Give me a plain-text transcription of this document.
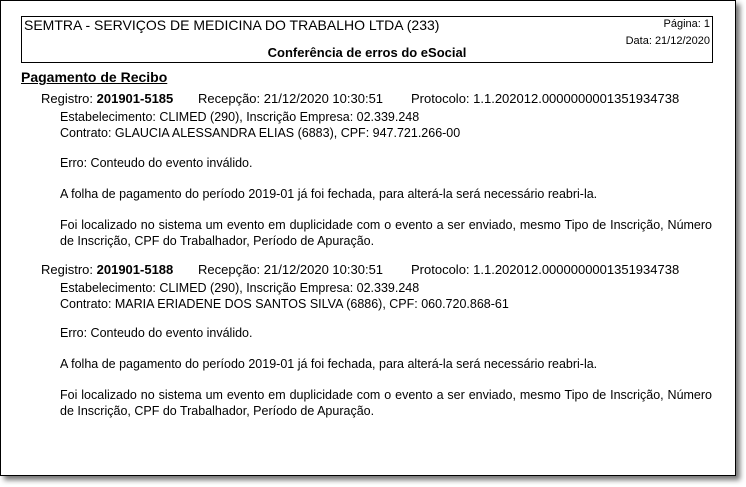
SEMTRA - SERVIÇOS DE MEDICINA DO TRABALHO LTDA (233)	Página: 1
Data: 21/12/2020
Conferência de erros do eSocial
Pagamento de Recibo
Registro: 201901-5185 Recepção: 21/12/2020 10:30:51 Protocolo: 1.1.202012.0000000001351934738
Estabelecimento: CLIMED (290), Inscrição Empresa: 02.339.248
Contrato: GLAUCIA ALESSANDRA ELIAS (6883), CPF: 947.721.266-00
Erro: Conteudo do evento inválido.
A folha de pagamento do período 2019-01 já foi fechada, para alterá-la será necessário reabri-la.
Foi localizado no sistema um evento em duplicidade com o evento a ser enviado, mesmo Tipo de Inscrição, Número de Inscrição, CPF do Trabalhador, Período de Apuração.
Registro: 201901-5188 Recepção: 21/12/2020 10:30:51 Protocolo: 1.1.202012.0000000001351934738
Estabelecimento: CLIMED (290), Inscrição Empresa: 02.339.248
Contrato: MARIA ERIADENE DOS SANTOS SILVA (6886), CPF: 060.720.868-61
Erro: Conteudo do evento inválido.
A folha de pagamento do período 2019-01 já foi fechada, para alterá-la será necessário reabri-la.
Foi localizado no sistema um evento em duplicidade com o evento a ser enviado, mesmo Tipo de Inscrição, Número de Inscrição, CPF do Trabalhador, Período de Apuração.
